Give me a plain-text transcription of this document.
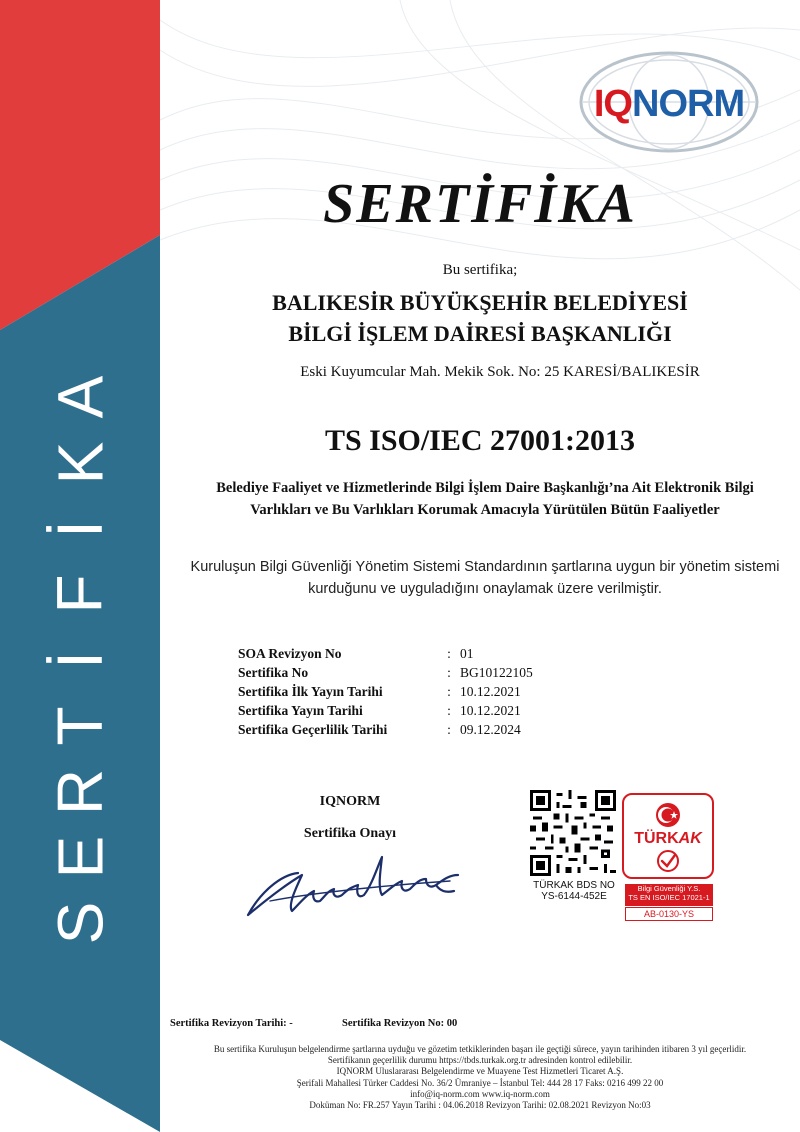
A
K
İ
F
İ
T
R
E
S
IQNORM
SERTİFİKA
Bu sertifika;
BALIKESİR BÜYÜKŞEHİR BELEDİYESİ
BİLGİ İŞLEM DAİRESİ BAŞKANLIĞI
Eski Kuyumcular Mah. Mekik Sok. No: 25 KARESİ/BALIKESİR
TS ISO/IEC 27001:2013
Belediye Faaliyet ve Hizmetlerinde Bilgi İşlem Daire Başkanlığı’na Ait Elektronik Bilgi
Varlıkları ve Bu Varlıkları Korumak Amacıyla Yürütülen Bütün Faaliyetler
Kuruluşun Bilgi Güvenliği Yönetim Sistemi Standardının şartlarına uygun bir yönetim sistemi
kurduğunu ve uyguladığını onaylamak üzere verilmiştir.
SOA Revizyon No	:	01
Sertifika No	:	BG10122105
Sertifika İlk Yayın Tarihi	:	10.12.2021
Sertifika Yayın Tarihi	:	10.12.2021
Sertifika Geçerlilik Tarihi	:	09.12.2024
IQNORM
Sertifika Onayı
TÜRKAK BDS NO
YS-6144-452E
TÜRKAK
Bilgi Güvenliği Y.S.
TS EN ISO/IEC 17021-1
AB-0130-YS
Sertifika Revizyon Tarihi: -	Sertifika Revizyon No: 00
Bu sertifika Kuruluşun belgelendirme şartlarına uyduğu ve gözetim tetkiklerinden başarı ile geçtiği sürece, yayın tarihinden itibaren 3 yıl geçerlidir.
Sertifikanın geçerlilik durumu https://tbds.turkak.org.tr adresinden kontrol edilebilir.
IQNORM Uluslararası Belgelendirme ve Muayene Test Hizmetleri Ticaret A.Ş.
Şerifali Mahallesi Türker Caddesi No. 36/2 Ümraniye – İstanbul Tel: 444 28 17 Faks: 0216 499 22 00
info@iq-norm.com www.iq-norm.com
Doküman No: FR.257 Yayın Tarihi : 04.06.2018 Revizyon Tarihi: 02.08.2021 Revizyon No:03
